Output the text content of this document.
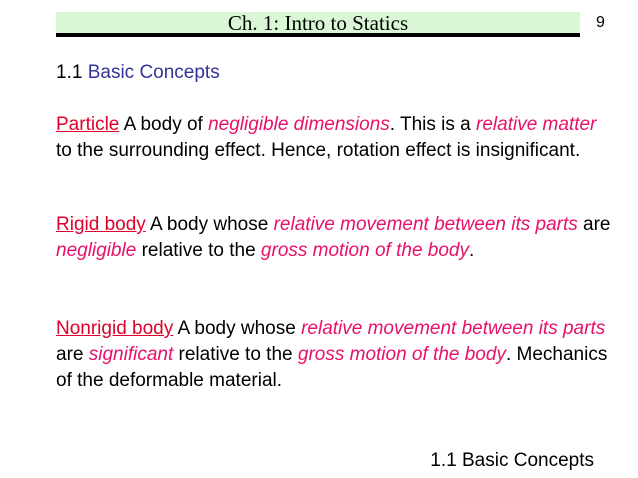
Ch. 1: Intro to Statics	9
1.1 Basic Concepts
Particle A body of negligible dimensions. This is a relative matter to the surrounding effect. Hence, rotation effect is insignificant.
Rigid body A body whose relative movement between its parts are negligible relative to the gross motion of the body.
Nonrigid body A body whose relative movement between its parts are significant relative to the gross motion of the body. Mechanics of the deformable material.
1.1 Basic Concepts
